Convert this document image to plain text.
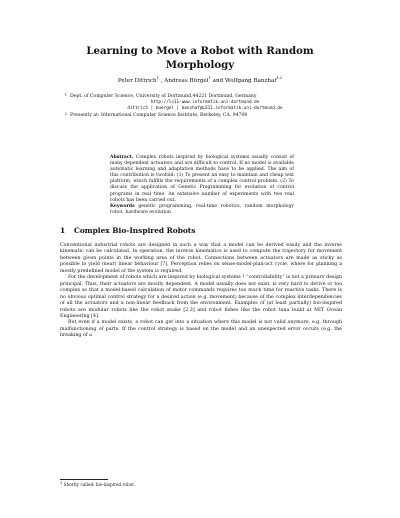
Learning to Move a Robot with Random
Morphology
Peter Dittrich$^1$ , Andreas Bürgel$^1$ and Wolfgang Banzhaf$^{1,2}$
$^1$ Dept. of Computer Science, University of Dortmund,44221 Dortmund, Germany
http://ls11-www.informatik.uni-dortmund.de
dittrich | buergel | banzhaf@LS11.informatik.uni-dortmund.de
$^2$ Presently at: International Computer Science Institute, Berkeley, CA. 94708
Abstract. Complex robots inspired by biological systems usually consist of many dependent actuators and are difficult to control. If no model is available automatic learning and adaptation methods have to be applied. The aim of this contribution is twofold: (1) To present an easy to maintain and cheap test platform, which fulfills the requirements of a complex control problem. (2) To discuss the application of Genetic Programming for evolution of control programs in real time. An extensive number of experiments with two real robots has been carried out.
Keywords genetic programming, real-time robotics, random morphology robot, hardware evolution
1 Complex Bio-Inspired Robots

Conventional industrial robots are designed in such a way that a model can be derived easily and the inverse kinematic can be calculated. In operation, the inverse kinematics is used to compute the trajectory for movement between given points in the working area of the robot. Connections between actuators are made as sticky as possible to yield (near) linear behaviour [7]. Perception relies on sense-model-plan-act cycle, where for planning a mostly predefined model of the system is required.

For the development of robots which are inspired by biological systems $^1$ “controllability” is not a primary design principal. Thus, their actuators are mostly dependent. A model usually does not exist, is very hard to derive or too complex so that a model-based calculation of motor commands requires too much time for reactive tasks. There is no obvious optimal control strategy for a desired action (e.g. movement) because of the complex interdependencies of all the actuators and a non-linear feedback from the environment. Examples of (at least partially) bio-inspired robots are modular robots like the robot snake [2,3] and robot fishes like the robot tuna build at MIT Ocean Engineering [4].

But even if a model exists, a robot can get into a situation where this model is not valid anymore, e.g. through malfunctioning of parts. If the control strategy is based on the model and an unexpected error occurs (e.g. the breaking of a

$^1$ Shortly called: bio-inspired robot.
